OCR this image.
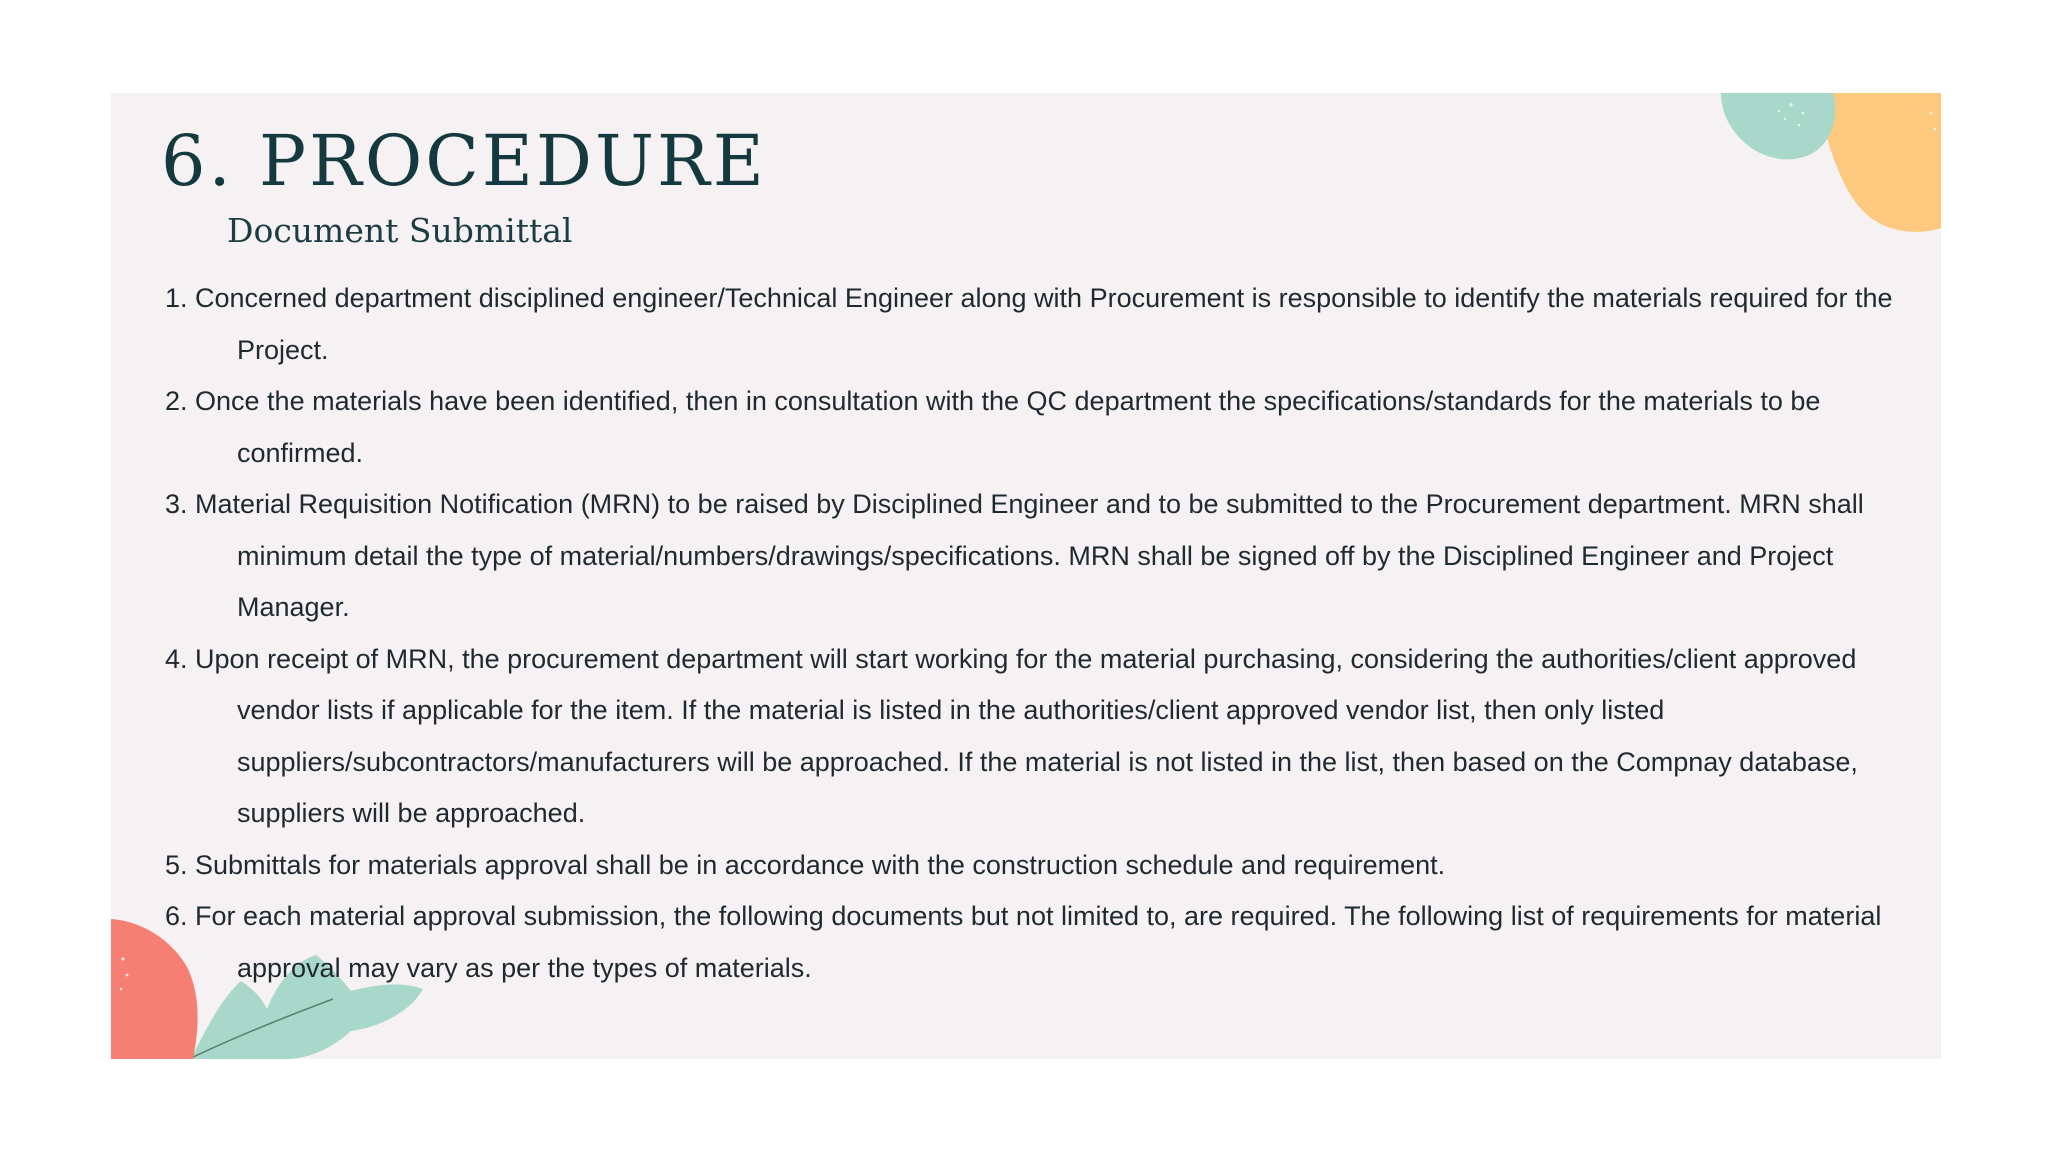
6. PROCEDURE
Document Submittal
1. Concerned department disciplined engineer/Technical Engineer along with Procurement is responsible to identify the materials required for the Project.
2. Once the materials have been identified, then in consultation with the QC department the specifications/standards for the materials to be confirmed.
3. Material Requisition Notification (MRN) to be raised by Disciplined Engineer and to be submitted to the Procurement department. MRN shall minimum detail the type of material/numbers/drawings/specifications. MRN shall be signed off by the Disciplined Engineer and Project Manager.
4. Upon receipt of MRN, the procurement department will start working for the material purchasing, considering the authorities/client approved vendor lists if applicable for the item. If the material is listed in the authorities/client approved vendor list, then only listed suppliers/subcontractors/manufacturers will be approached. If the material is not listed in the list, then based on the Compnay database, suppliers will be approached.
5. Submittals for materials approval shall be in accordance with the construction schedule and requirement.
6. For each material approval submission, the following documents but not limited to, are required. The following list of requirements for material approval may vary as per the types of materials.
